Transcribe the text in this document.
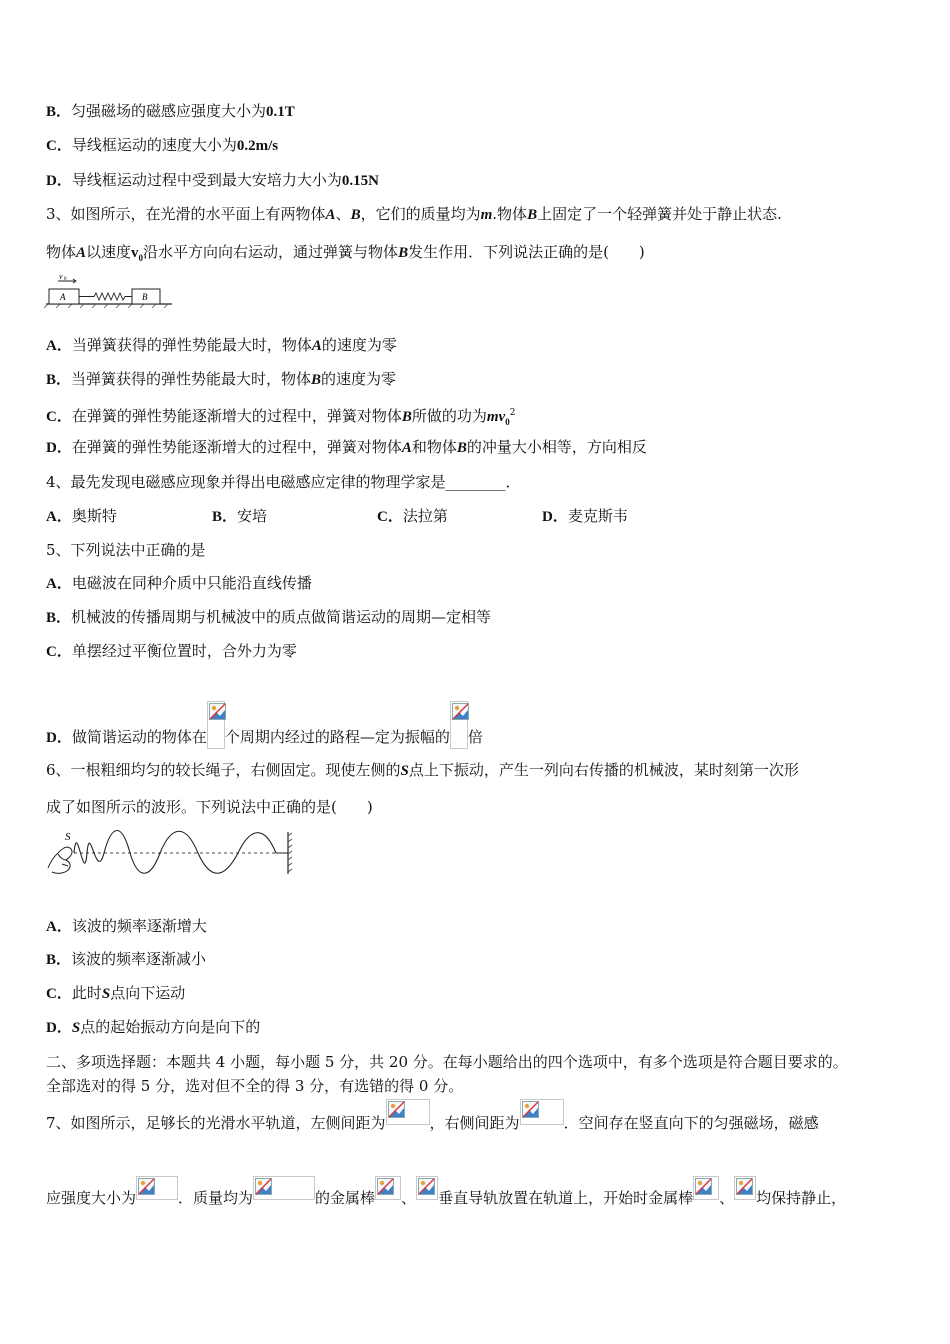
B．匀强磁场的磁感应强度大小为0.1T
C．导线框运动的速度大小为0.2m/s
D．导线框运动过程中受到最大安培力大小为0.15N
3、如图所示，在光滑的水平面上有两物体A、B，它们的质量均为m.物体B上固定了一个轻弹簧并处于静止状态.
物体A以速度$v_0$沿水平方向向右运动，通过弹簧与物体B发生作用．下列说法正确的是(　　)
v 0
A	B
A．当弹簧获得的弹性势能最大时，物体A的速度为零
B．当弹簧获得的弹性势能最大时，物体B的速度为零
C．在弹簧的弹性势能逐渐增大的过程中，弹簧对物体B所做的功为$mv_0^2$
D．在弹簧的弹性势能逐渐增大的过程中，弹簧对物体A和物体B的冲量大小相等，方向相反
4、最先发现电磁感应现象并得出电磁感应定律的物理学家是________．
A．奥斯特	B．安培	C．法拉第	D．麦克斯韦
5、下列说法中正确的是
A．电磁波在同种介质中只能沿直线传播
B．机械波的传播周期与机械波中的质点做简谐运动的周期—定相等
C．单摆经过平衡位置时，合外力为零
D．做简谐运动的物体在 个周期内经过的路程—定为振幅的 倍
6、一根粗细均匀的较长绳子，右侧固定。现使左侧的S点上下振动，产生一列向右传播的机械波，某时刻第一次形
成了如图所示的波形。下列说法中正确的是(　　)
S
A．该波的频率逐渐增大
B．该波的频率逐渐减小
C．此时S点向下运动
D．S点的起始振动方向是向下的
二、多项选择题：本题共 4 小题，每小题 5 分，共 20 分。在每小题给出的四个选项中，有多个选项是符合题目要求的。
全部选对的得 5 分，选对但不全的得 3 分，有选错的得 0 分。
7、如图所示，足够长的光滑水平轨道，左侧间距为	，右侧间距为	．空间存在竖直向下的匀强磁场，磁感
应强度大小为	．质量均为	的金属棒 、 垂直导轨放置在轨道上，开始时金属棒 、 均保持静止，
